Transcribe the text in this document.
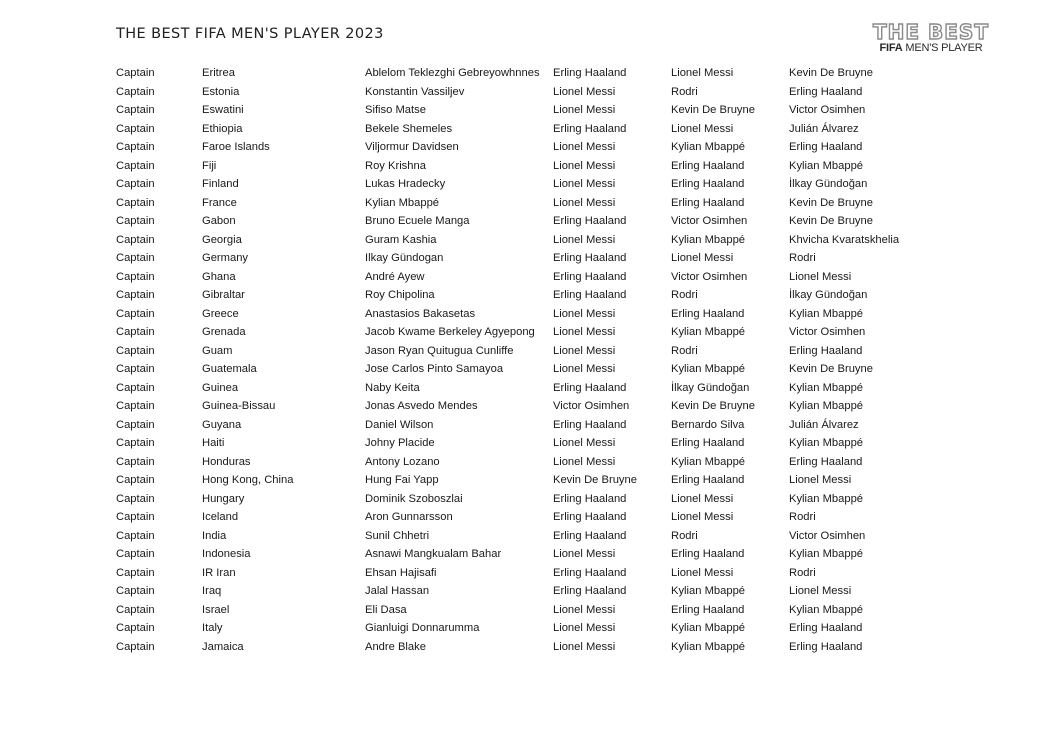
THE BEST FIFA MEN'S PLAYER 2023	THE BEST
FIFA MEN'S PLAYER
Captain	Eritrea	Ablelom Teklezghi Gebreyowhnnes	Erling Haaland	Lionel Messi	Kevin De Bruyne
Captain	Estonia	Konstantin Vassiljev	Lionel Messi	Rodri	Erling Haaland
Captain	Eswatini	Sifiso Matse	Lionel Messi	Kevin De Bruyne	Victor Osimhen
Captain	Ethiopia	Bekele Shemeles	Erling Haaland	Lionel Messi	Julián Álvarez
Captain	Faroe Islands	Viljormur Davidsen	Lionel Messi	Kylian Mbappé	Erling Haaland
Captain	Fiji	Roy Krishna	Lionel Messi	Erling Haaland	Kylian Mbappé
Captain	Finland	Lukas Hradecky	Lionel Messi	Erling Haaland	İlkay Gündoğan
Captain	France	Kylian Mbappé	Lionel Messi	Erling Haaland	Kevin De Bruyne
Captain	Gabon	Bruno Ecuele Manga	Erling Haaland	Victor Osimhen	Kevin De Bruyne
Captain	Georgia	Guram Kashia	Lionel Messi	Kylian Mbappé	Khvicha Kvaratskhelia
Captain	Germany	Ilkay Gündogan	Erling Haaland	Lionel Messi	Rodri
Captain	Ghana	André Ayew	Erling Haaland	Victor Osimhen	Lionel Messi
Captain	Gibraltar	Roy Chipolina	Erling Haaland	Rodri	İlkay Gündoğan
Captain	Greece	Anastasios Bakasetas	Lionel Messi	Erling Haaland	Kylian Mbappé
Captain	Grenada	Jacob Kwame Berkeley Agyepong	Lionel Messi	Kylian Mbappé	Victor Osimhen
Captain	Guam	Jason Ryan Quitugua Cunliffe	Lionel Messi	Rodri	Erling Haaland
Captain	Guatemala	Jose Carlos Pinto Samayoa	Lionel Messi	Kylian Mbappé	Kevin De Bruyne
Captain	Guinea	Naby Keita	Erling Haaland	İlkay Gündoğan	Kylian Mbappé
Captain	Guinea-Bissau	Jonas Asvedo Mendes	Victor Osimhen	Kevin De Bruyne	Kylian Mbappé
Captain	Guyana	Daniel Wilson	Erling Haaland	Bernardo Silva	Julián Álvarez
Captain	Haiti	Johny Placide	Lionel Messi	Erling Haaland	Kylian Mbappé
Captain	Honduras	Antony Lozano	Lionel Messi	Kylian Mbappé	Erling Haaland
Captain	Hong Kong, China	Hung Fai Yapp	Kevin De Bruyne	Erling Haaland	Lionel Messi
Captain	Hungary	Dominik Szoboszlai	Erling Haaland	Lionel Messi	Kylian Mbappé
Captain	Iceland	Aron Gunnarsson	Erling Haaland	Lionel Messi	Rodri
Captain	India	Sunil Chhetri	Erling Haaland	Rodri	Victor Osimhen
Captain	Indonesia	Asnawi Mangkualam Bahar	Lionel Messi	Erling Haaland	Kylian Mbappé
Captain	IR Iran	Ehsan Hajisafi	Erling Haaland	Lionel Messi	Rodri
Captain	Iraq	Jalal Hassan	Erling Haaland	Kylian Mbappé	Lionel Messi
Captain	Israel	Eli Dasa	Lionel Messi	Erling Haaland	Kylian Mbappé
Captain	Italy	Gianluigi Donnarumma	Lionel Messi	Kylian Mbappé	Erling Haaland
Captain	Jamaica	Andre Blake	Lionel Messi	Kylian Mbappé	Erling Haaland
